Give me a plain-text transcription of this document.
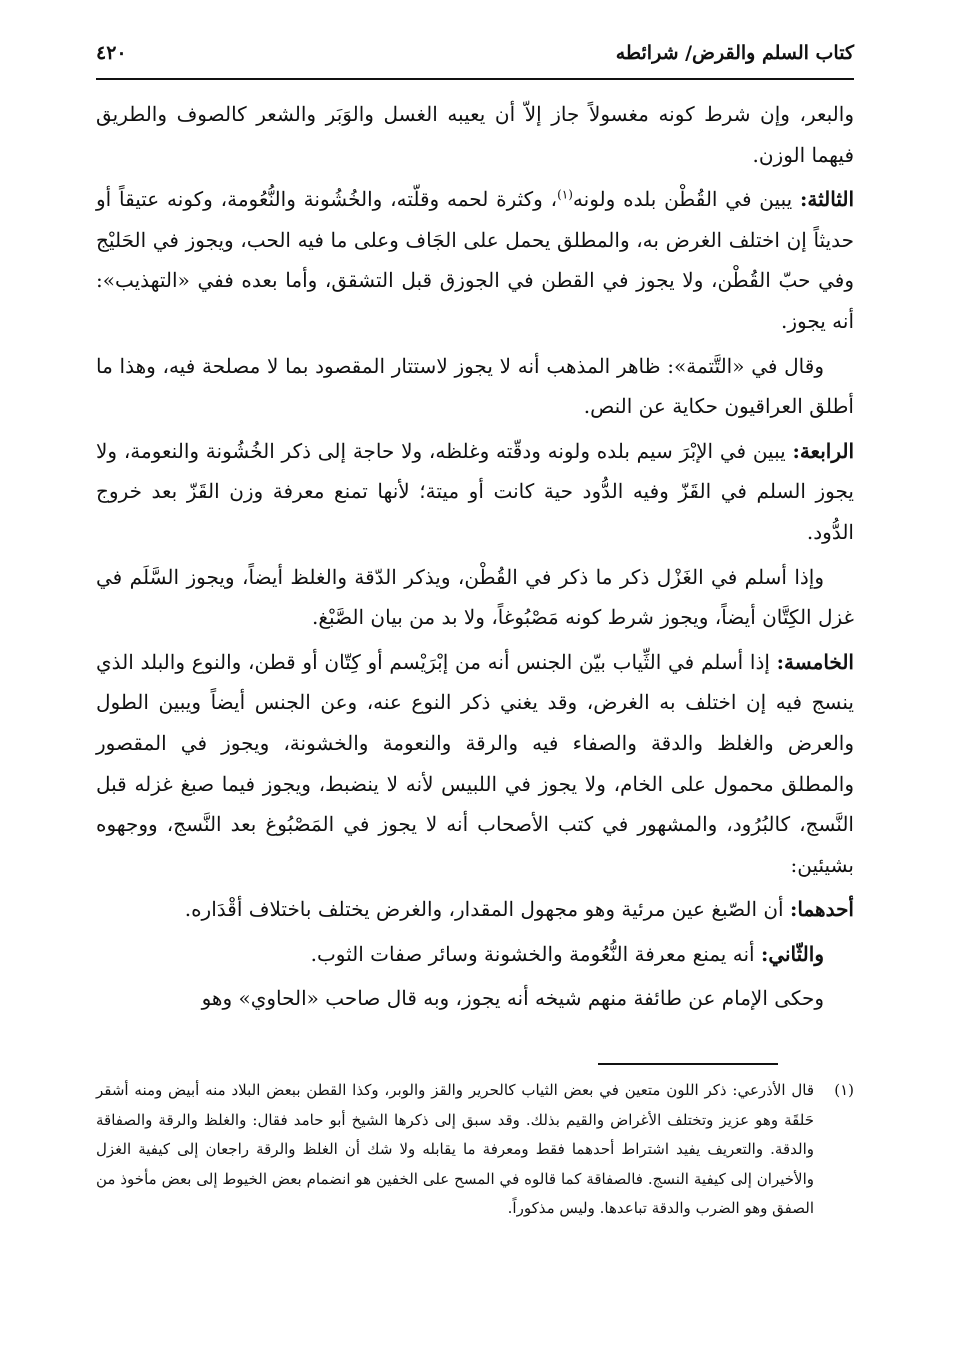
كتاب السلم والقرض/ شرائطه
٤٢٠

والبعر، وإن شرط كونه مغسولاً جاز إلاّ أن يعيبه الغسل والوَبَر والشعر كالصوف والطريق فيهما الوزن.

الثالثة: يبين في القُطْن بلده ولونه$^{(١)}$، وكثرة لحمه وقلّته، والخُشُونة والنُّعُومة، وكونه عتيقاً أو حديثاً إن اختلف الغرض به، والمطلق يحمل على الجَاف وعلى ما فيه الحب، ويجوز في الحَليْج وفي حبّ القُطْن، ولا يجوز في القطن في الجوزق قبل التشقق، وأما بعده ففي «التهذيب»: أنه يجوز.

وقال في «التَّتمة»: ظاهر المذهب أنه لا يجوز لاستتار المقصود بما لا مصلحة فيه، وهذا ما أطلق العراقيون حكاية عن النص.

الرابعة: يبين في الإبْرَ سيم بلده ولونه ودقّته وغلظه، ولا حاجة إلى ذكر الخُشُونة والنعومة، ولا يجوز السلم في القَزّ وفيه الدُّود حية كانت أو ميتة؛ لأنها تمنع معرفة وزن القَزّ بعد خروج الدُّود.

وإذا أسلم في الغَزْل ذكر ما ذكر في القُطْن، ويذكر الدّقة والغلظ أيضاً، ويجوز السَّلَم في غزل الكِتَّان أيضاً، ويجوز شرط كونه مَصْبُوغاً، ولا بد من بيان الصَّبْغ.

الخامسة: إذا أسلم في الثِّياب بيّن الجنس أنه من إبْرَيْسم أو كِتّان أو قطن، والنوع والبلد الذي ينسج فيه إن اختلف به الغرض، وقد يغني ذكر النوع عنه، وعن الجنس أيضاً ويبين الطول والعرض والغلظ والدقة والصفاء فيه والرقة والنعومة والخشونة، ويجوز في المقصور والمطلق محمول على الخام، ولا يجوز في اللبيس لأنه لا ينضبط، ويجوز فيما صبغ غزله قبل النَّسج، كالبُرُود، والمشهور في كتب الأصحاب أنه لا يجوز في المَصْبُوغ بعد النَّسج، ووجهوه بشيئين:

أحدهما: أن الصّبغ عين مرئية وهو مجهول المقدار، والغرض يختلف باختلاف أقْدَاره.

والثّاني: أنه يمنع معرفة النُّعُومة والخشونة وسائر صفات الثوب.

وحكى الإمام عن طائفة منهم شيخه أنه يجوز، وبه قال صاحب «الحاوي» وهو

(١)
قال الأذرعي: ذكر اللون متعين في بعض الثياب كالحرير والقز والوبر، وكذا القطن ببعض البلاد منه أبيض ومنه أشقر حَلقَة وهو عزيز وتختلف الأغراض والقيم بذلك. وقد سبق إلى ذكرها الشيخ أبو حامد فقال: والغلظ والرقة والصفاقة والدقة. والتعريف يفيد اشتراط أحدهما فقط ومعرفة ما يقابله ولا شك أن الغلظ والرقة راجعان إلى كيفية الغزل والأخيران إلى كيفية النسج. فالصفاقة كما قالوه في المسح على الخفين هو انضمام بعض الخيوط إلى بعض مأخوذ من الصفق وهو الضرب والدقة تباعدها. وليس مذكوراً.
